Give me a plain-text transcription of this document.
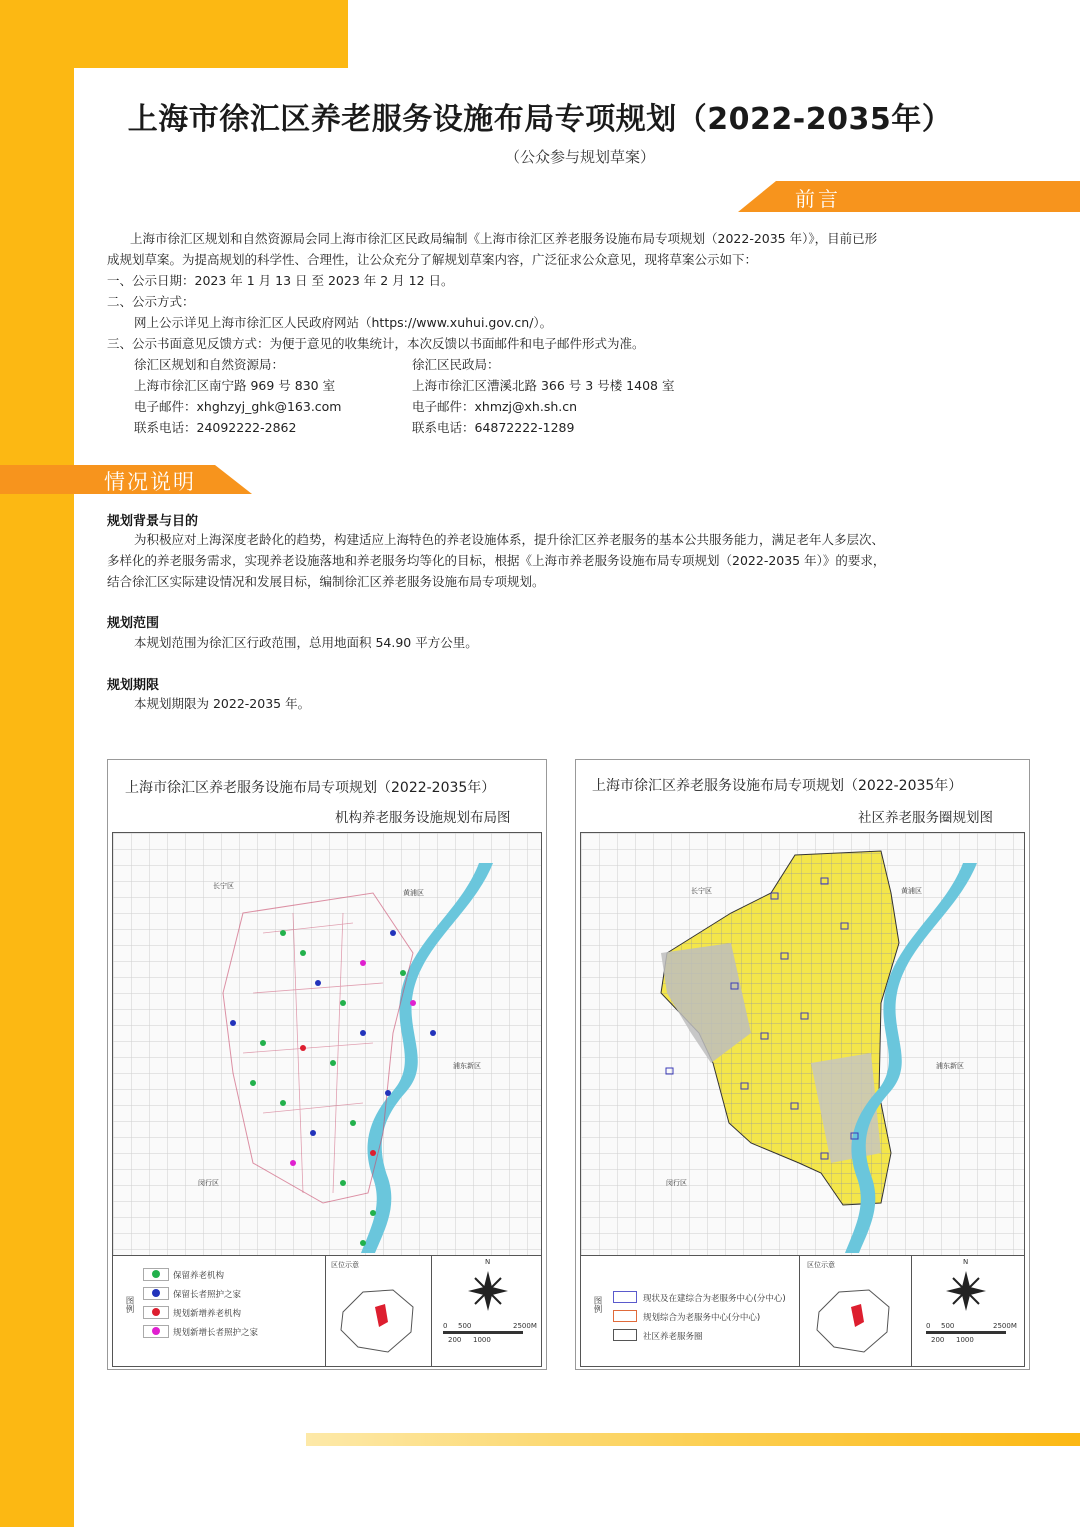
上海市徐汇区养老服务设施布局专项规划（2022-2035年）
（公众参与规划草案）
前言
上海市徐汇区规划和自然资源局会同上海市徐汇区民政局编制《上海市徐汇区养老服务设施布局专项规划（2022-2035 年）》，目前已形
成规划草案。为提高规划的科学性、合理性，让公众充分了解规划草案内容，广泛征求公众意见，现将草案公示如下：
一、公示日期：2023 年 1 月 13 日 至 2023 年 2 月 12 日。
二、公示方式：
网上公示详见上海市徐汇区人民政府网站（https://www.xuhui.gov.cn/）。
三、公示书面意见反馈方式：为便于意见的收集统计，本次反馈以书面邮件和电子邮件形式为准。
徐汇区规划和自然资源局：
上海市徐汇区南宁路 969 号 830 室
电子邮件：xhghzyj_ghk@163.com
联系电话：24092222-2862
徐汇区民政局：
上海市徐汇区漕溪北路 366 号 3 号楼 1408 室
电子邮件：xhmzj@xh.sh.cn
联系电话：64872222-1289
情况说明
规划背景与目的
为积极应对上海深度老龄化的趋势，构建适应上海特色的养老设施体系，提升徐汇区养老服务的基本公共服务能力，满足老年人多层次、
多样化的养老服务需求，实现养老设施落地和养老服务均等化的目标，根据《上海市养老服务设施布局专项规划（2022-2035 年）》的要求，
结合徐汇区实际建设情况和发展目标，编制徐汇区养老服务设施布局专项规划。
规划范围
本规划范围为徐汇区行政范围，总用地面积 54.90 平方公里。
规划期限
本规划期限为 2022-2035 年。
上海市徐汇区养老服务设施布局专项规划（2022-2035年）
机构养老服务设施规划布局图
长宁区
黄浦区
浦东新区
闵行区
图例
保留养老机构
保留长者照护之家
规划新增养老机构
规划新增长者照护之家
区位示意	N
0 500	2500M
200 1000
上海市徐汇区养老服务设施布局专项规划（2022-2035年）
社区养老服务圈规划图
长宁区	黄浦区
浦东新区
闵行区
图例	现状及在建综合为老服务中心(分中心)
规划综合为老服务中心(分中心)
社区养老服务圈
区位示意	N
0 500	2500M
200 1000
